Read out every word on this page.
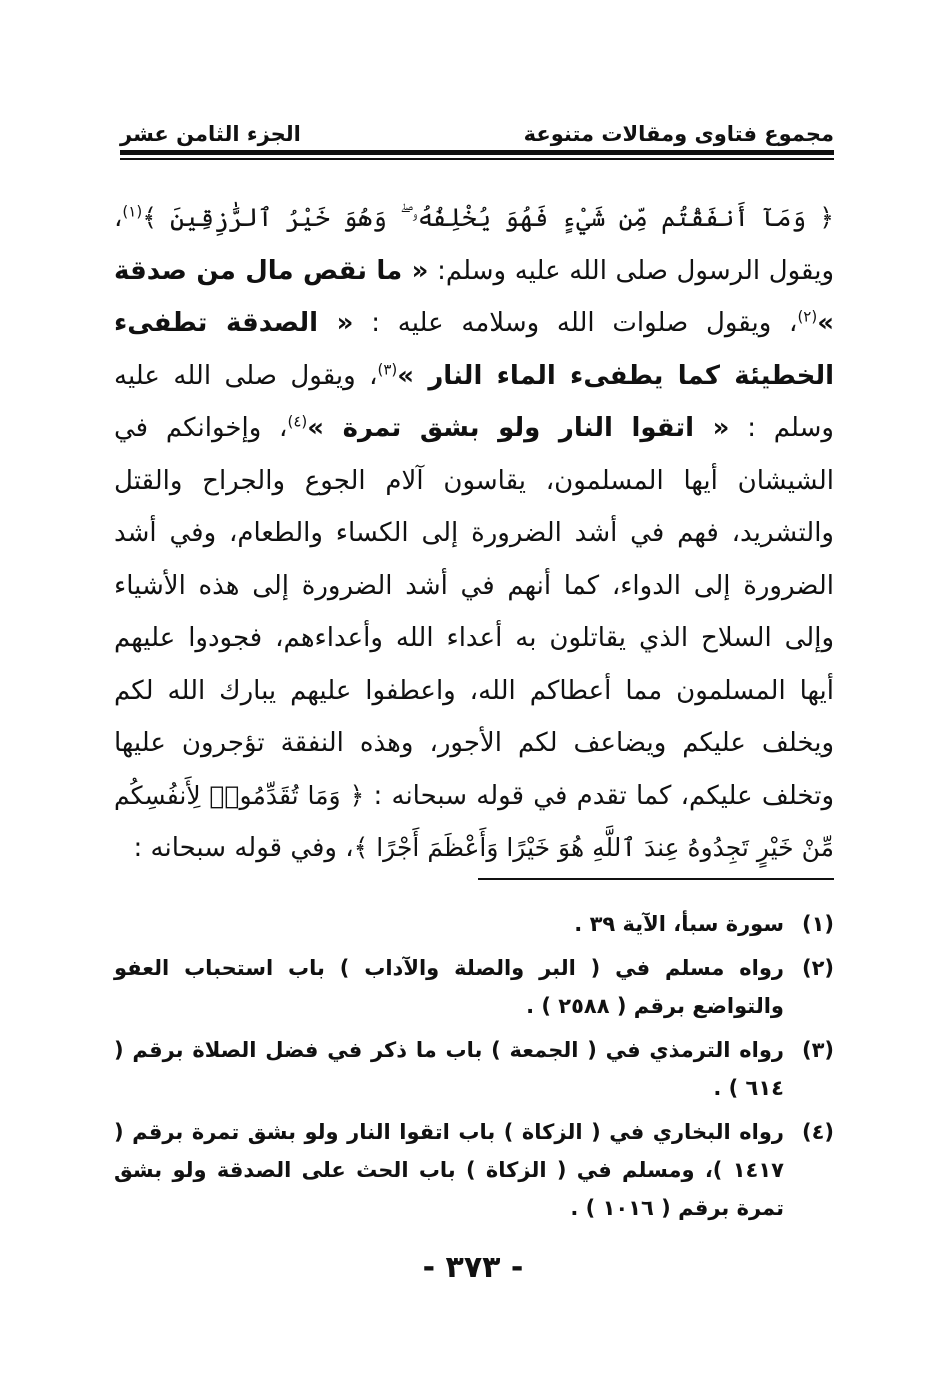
مجموع فتاوى ومقالات متنوعة
الجزء الثامن عشر

﴿ وَمَآ أَنفَقْتُم مِّن شَيْءٍ فَهُوَ يُخْلِفُهُۥ ۖ وَهُوَ خَيْرُ ٱلرَّٰزِقِينَ ﴾$^{(١)}$، ويقول الرسول صلى الله عليه وسلم: « ما نقص مال من صدقة »$^{(٢)}$، ويقول صلوات الله وسلامه عليه : « الصدقة تطفىء الخطيئة كما يطفىء الماء النار »$^{(٣)}$، ويقول صلى الله عليه وسلم : « اتقوا النار ولو بشق تمرة »$^{(٤)}$، وإخوانكم في الشيشان أيها المسلمون، يقاسون آلام الجوع والجراح والقتل والتشريد، فهم في أشد الضرورة إلى الكساء والطعام، وفي أشد الضرورة إلى الدواء، كما أنهم في أشد الضرورة إلى هذه الأشياء وإلى السلاح الذي يقاتلون به أعداء الله وأعداءهم، فجودوا عليهم أيها المسلمون مما أعطاكم الله، واعطفوا عليهم يبارك الله لكم ويخلف عليكم ويضاعف لكم الأجور، وهذه النفقة تؤجرون عليها وتخلف عليكم، كما تقدم في قوله سبحانه : ﴿ وَمَا تُقَدِّمُوا۟ لِأَنفُسِكُم مِّنْ خَيْرٍ تَجِدُوهُ عِندَ ٱللَّهِ هُوَ خَيْرًا وَأَعْظَمَ أَجْرًا ﴾، وفي قوله سبحانه :

(١)
سورة سبأ، الآية ٣٩ .
(٢)
رواه مسلم في ( البر والصلة والآداب ) باب استحباب العفو والتواضع برقم ( ٢٥٨٨ ) .
(٣)
رواه الترمذي في ( الجمعة ) باب ما ذكر في فضل الصلاة برقم ( ٦١٤ ) .
(٤)
رواه البخاري في ( الزكاة ) باب اتقوا النار ولو بشق تمرة برقم ( ١٤١٧ )، ومسلم في ( الزكاة ) باب الحث على الصدقة ولو بشق تمرة برقم ( ١٠١٦ ) .
- ٣٧٣ -
